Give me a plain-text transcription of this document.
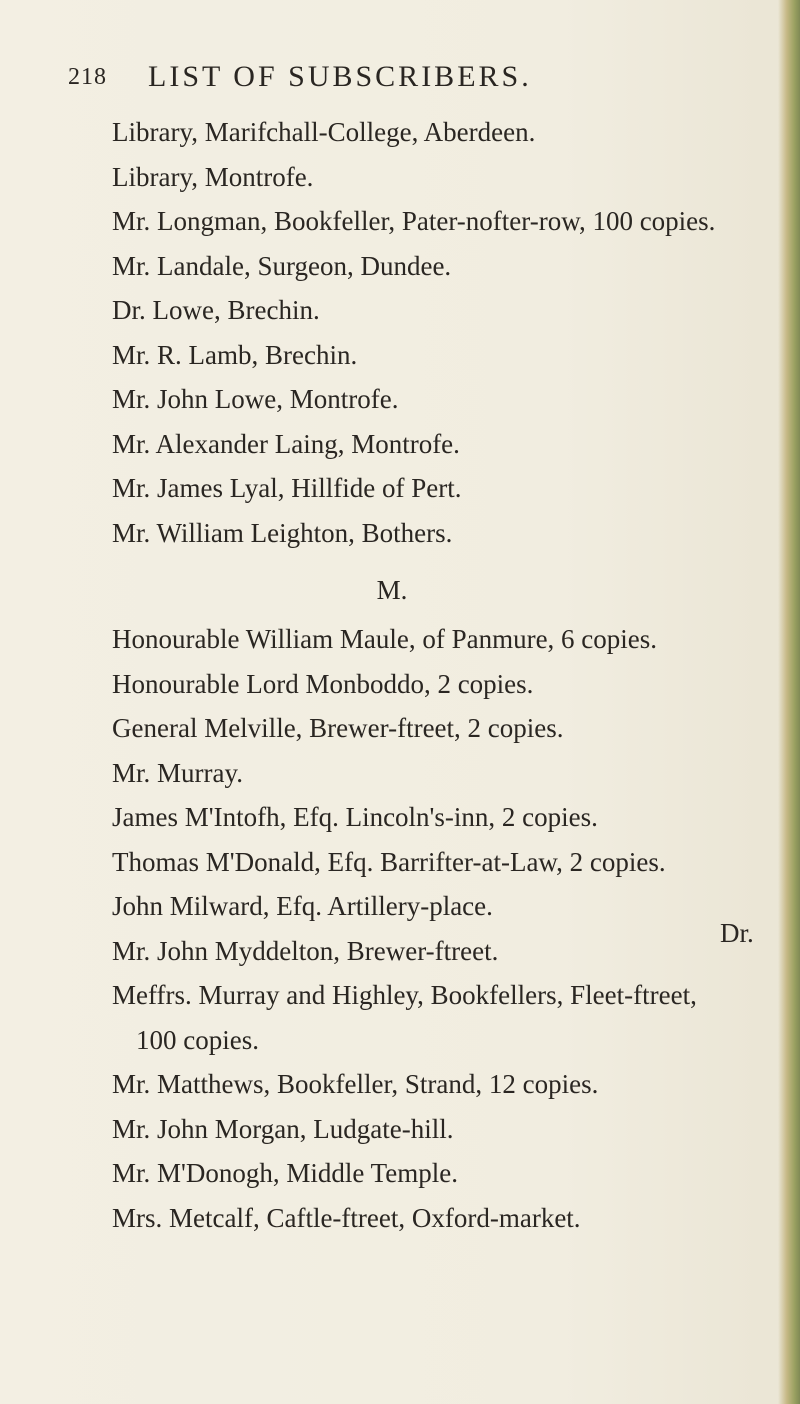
218 LIST OF SUBSCRIBERS.
Library, Marifchall-College, Aberdeen.
Library, Montrofe.
Mr. Longman, Bookfeller, Pater-nofter-row, 100 copies.
Mr. Landale, Surgeon, Dundee.
Dr. Lowe, Brechin.
Mr. R. Lamb, Brechin.
Mr. John Lowe, Montrofe.
Mr. Alexander Laing, Montrofe.
Mr. James Lyal, Hillfide of Pert.
Mr. William Leighton, Bothers.
M.
Honourable William Maule, of Panmure, 6 copies.
Honourable Lord Monboddo, 2 copies.
General Melville, Brewer-ftreet, 2 copies.
Mr. Murray.
James M'Intofh, Efq. Lincoln's-inn, 2 copies.
Thomas M'Donald, Efq. Barrifter-at-Law, 2 copies.
John Milward, Efq. Artillery-place.
Mr. John Myddelton, Brewer-ftreet.
Meffrs. Murray and Highley, Bookfellers, Fleet-ftreet,
100 copies.
Mr. Matthews, Bookfeller, Strand, 12 copies.
Mr. John Morgan, Ludgate-hill.
Mr. M'Donogh, Middle Temple.
Mrs. Metcalf, Caftle-ftreet, Oxford-market.
Dr.
